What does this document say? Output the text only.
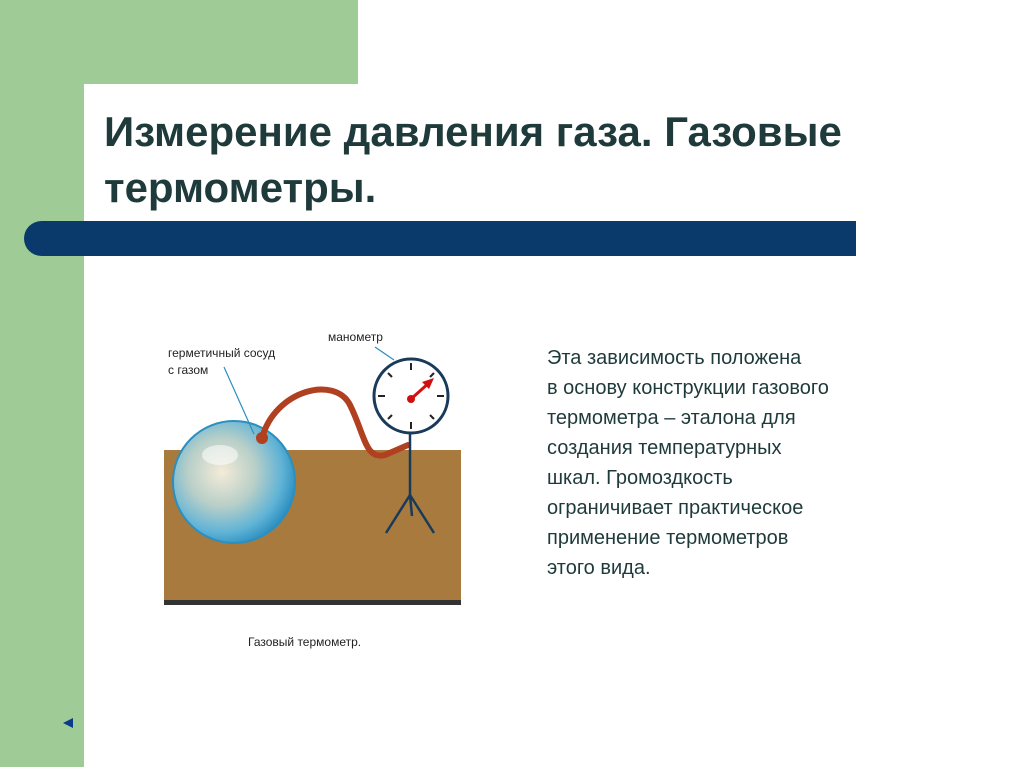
Измерение давления газа. Газовые термометры.
герметичный сосуд
с газом
манометр
Газовый термометр.

Эта зависимость положена
в основу конструкции газового
термометра – эталона для
создания температурных
шкал. Громоздкость
ограничивает практическое
применение термометров
этого вида.
